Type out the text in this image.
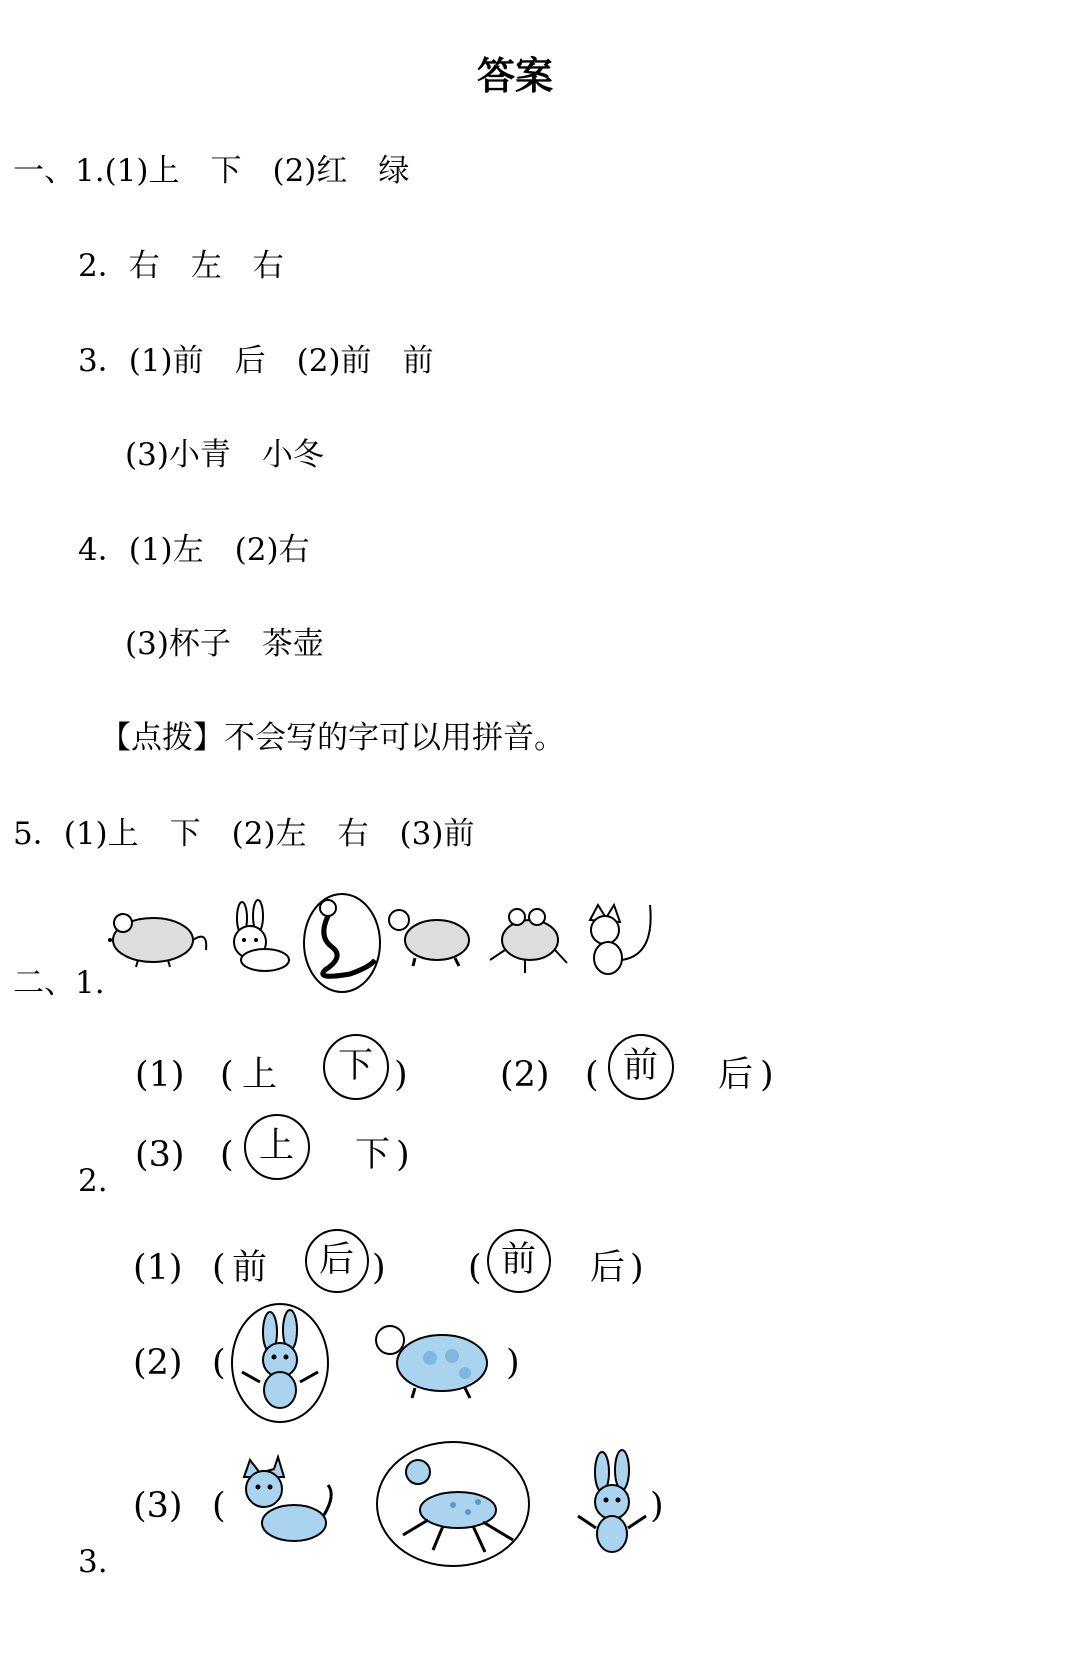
答案
一、1.(1)上　下　(2)红　绿
2．右　左　右
3．(1)前　后　(2)前　前
(3)小青　小冬
4．(1)左　(2)右
(3)杯子　茶壶
【点拨】不会写的字可以用拼音。
5．(1)上　下　(2)左　右　(3)前
二、1.
(1) ( 上 下 )	(2) ( 前 后 )
2.
(3) ( 上 下 )
(1) ( 前 后 ) ( 前 后 )
(2) (	)
3.
(3) (	)
